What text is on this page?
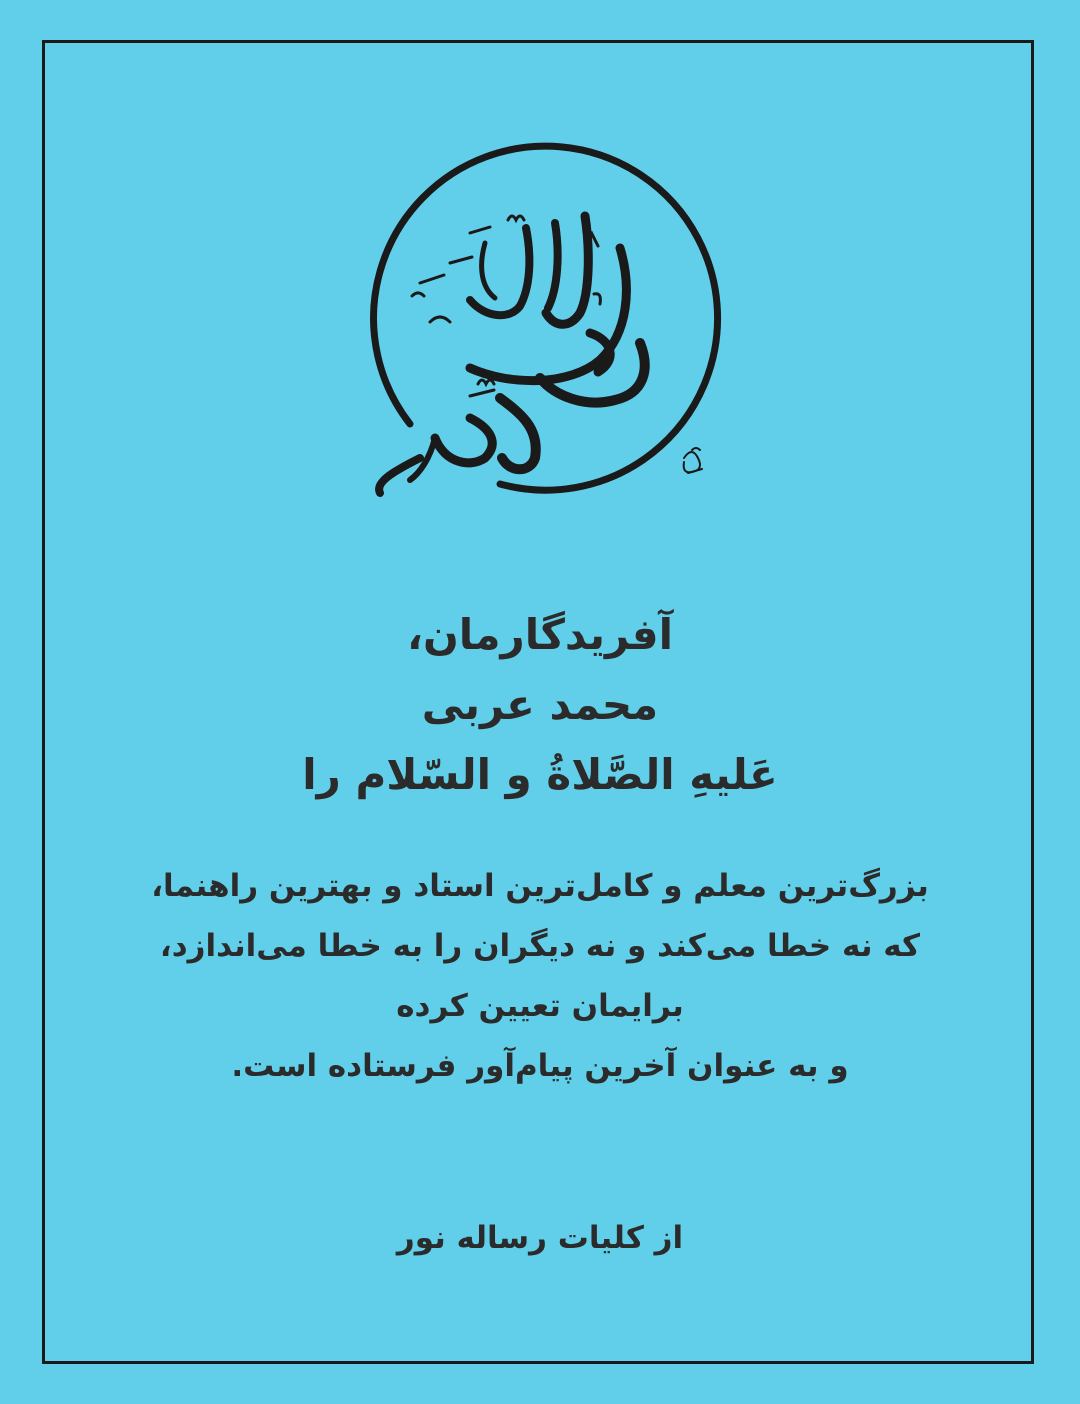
آفریدگارمان،
محمد عربی
عَلیهِ الصَّلاةُ و السّلام را
بزرگ‌ترین معلم و کامل‌ترین استاد و بهترین راهنما،
که نه خطا می‌کند و نه دیگران را به خطا می‌اندازد،
برایمان تعیین کرده
و به عنوان آخرین پیام‌آور فرستاده است.
از کلیات رساله نور
